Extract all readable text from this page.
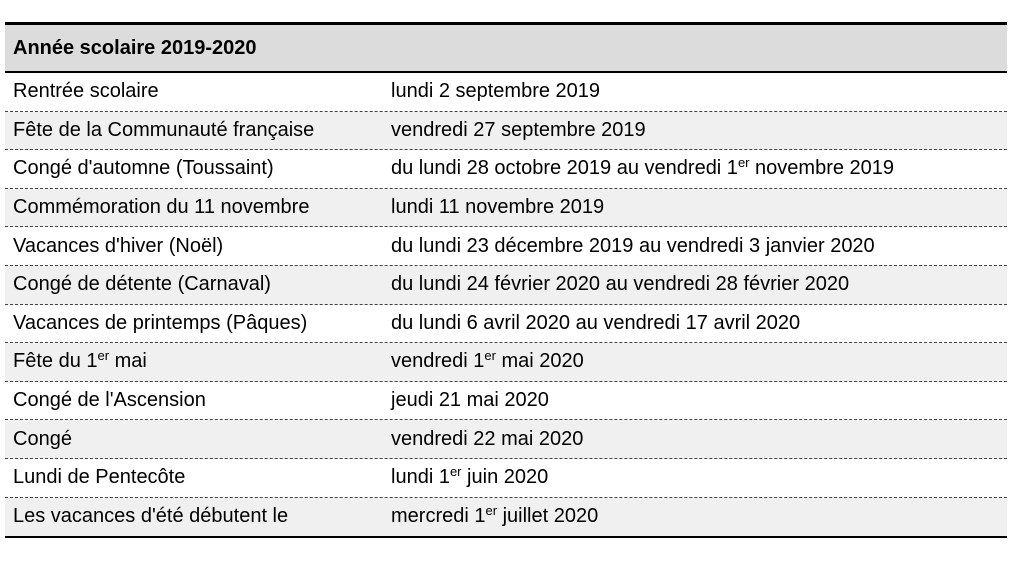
Année scolaire 2019-2020
Rentrée scolaire	lundi 2 septembre 2019
Fête de la Communauté française	vendredi 27 septembre 2019
Congé d'automne (Toussaint)	du lundi 28 octobre 2019 au vendredi 1er novembre 2019
Commémoration du 11 novembre	lundi 11 novembre 2019
Vacances d'hiver (Noël)	du lundi 23 décembre 2019 au vendredi 3 janvier 2020
Congé de détente (Carnaval)	du lundi 24 février 2020 au vendredi 28 février 2020
Vacances de printemps (Pâques)	du lundi 6 avril 2020 au vendredi 17 avril 2020
Fête du 1er mai	vendredi 1er mai 2020
Congé de l'Ascension	jeudi 21 mai 2020
Congé	vendredi 22 mai 2020
Lundi de Pentecôte	lundi 1er juin 2020
Les vacances d'été débutent le	mercredi 1er juillet 2020
